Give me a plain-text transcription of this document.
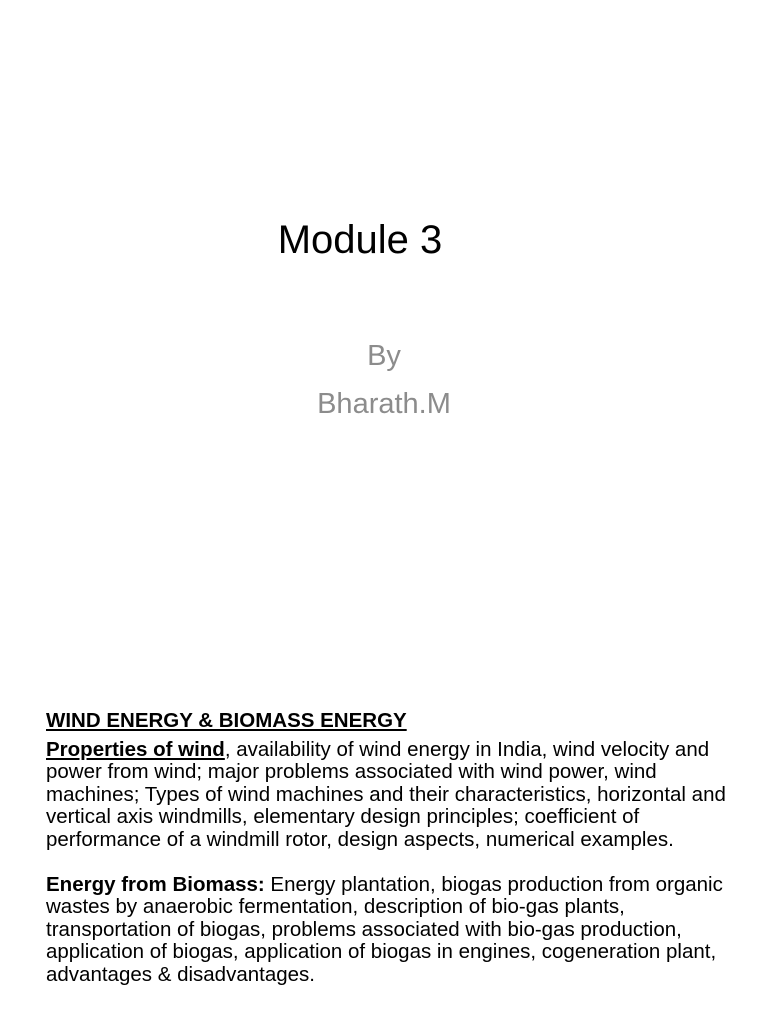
Module 3
By
Bharath.M
WIND ENERGY & BIOMASS ENERGY

Properties of wind, availability of wind energy in India, wind velocity and power from wind; major problems associated with wind power, wind machines; Types of wind machines and their characteristics, horizontal and vertical axis windmills, elementary design principles; coefficient of performance of a windmill rotor, design aspects, numerical examples.

Energy from Biomass: Energy plantation, biogas production from organic wastes by anaerobic fermentation, description of bio-gas plants, transportation of biogas, problems associated with bio-gas production, application of biogas, application of biogas in engines, cogeneration plant, advantages & disadvantages.
